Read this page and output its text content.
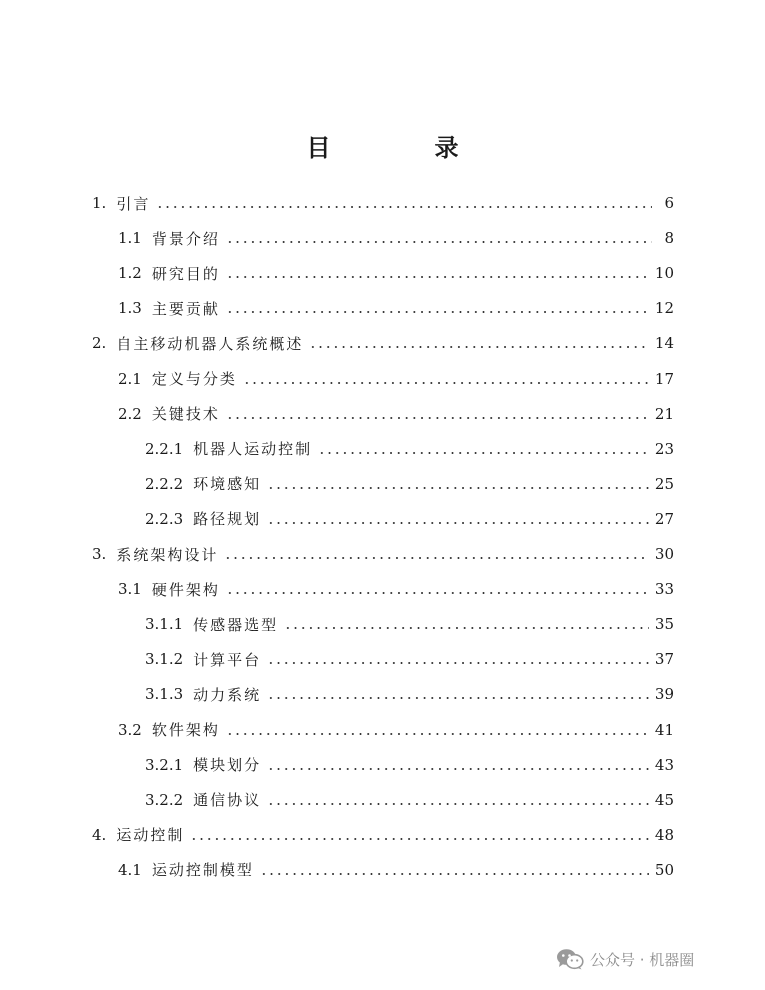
目　录
1. 引言	6
1.1 背景介绍	8
1.2 研究目的	10
1.3 主要贡献	12
2. 自主移动机器人系统概述	14
2.1 定义与分类	17
2.2 关键技术	21
2.2.1 机器人运动控制	23
2.2.2 环境感知	25
2.2.3 路径规划	27
3. 系统架构设计	30
3.1 硬件架构	33
3.1.1 传感器选型	35
3.1.2 计算平台	37
3.1.3 动力系统	39
3.2 软件架构	41
3.2.1 模块划分	43
3.2.2 通信协议	45
4. 运动控制	48
4.1 运动控制模型	50
公众号 · 机器圈
